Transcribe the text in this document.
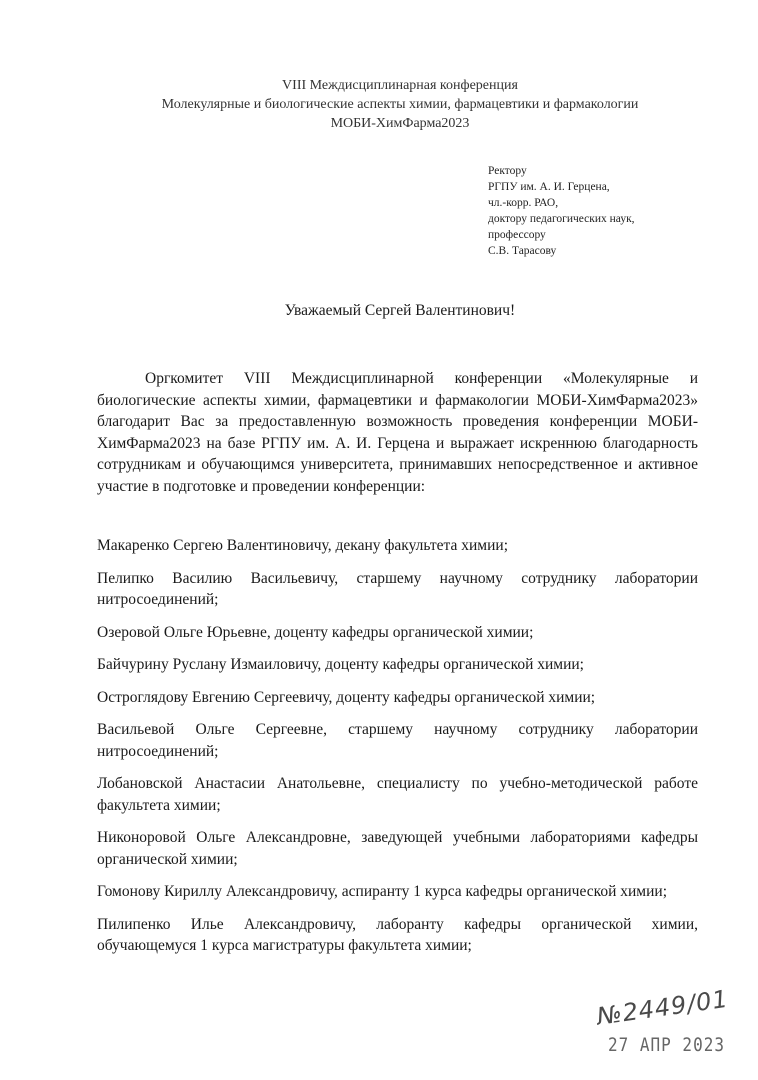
VIII Междисциплинарная конференция
Молекулярные и биологические аспекты химии, фармацевтики и фармакологии
МОБИ-ХимФарма2023
Ректору
РГПУ им. А. И. Герцена,
чл.-корр. РАО,
доктору педагогических наук,
профессору
С.В. Тарасову
Уважаемый Сергей Валентинович!

Оргкомитет VIII Междисциплинарной конференции «Молекулярные и биологические аспекты химии, фармацевтики и фармакологии МОБИ-ХимФарма2023» благодарит Вас за предоставленную возможность проведения конференции МОБИ-ХимФарма2023 на базе РГПУ им. А. И. Герцена и выражает искреннюю благодарность сотрудникам и обучающимся университета, принимавших непосредственное и активное участие в подготовке и проведении конференции:

Макаренко Сергею Валентиновичу, декану факультета химии;
Пелипко Василию Васильевичу, старшему научному сотруднику лаборатории нитросоединений;
Озеровой Ольге Юрьевне, доценту кафедры органической химии;
Байчурину Руслану Измаиловичу, доценту кафедры органической химии;
Остроглядову Евгению Сергеевичу, доценту кафедры органической химии;
Васильевой Ольге Сергеевне, старшему научному сотруднику лаборатории нитросоединений;
Лобановской Анастасии Анатольевне, специалисту по учебно-методической работе факультета химии;
Никоноровой Ольге Александровне, заведующей учебными лабораториями кафедры органической химии;
Гомонову Кириллу Александровичу, аспиранту 1 курса кафедры органической химии;
Пилипенко Илье Александровичу, лаборанту кафедры органической химии, обучающемуся 1 курса магистратуры факультета химии;
№2449/01
27 АПР 2023
